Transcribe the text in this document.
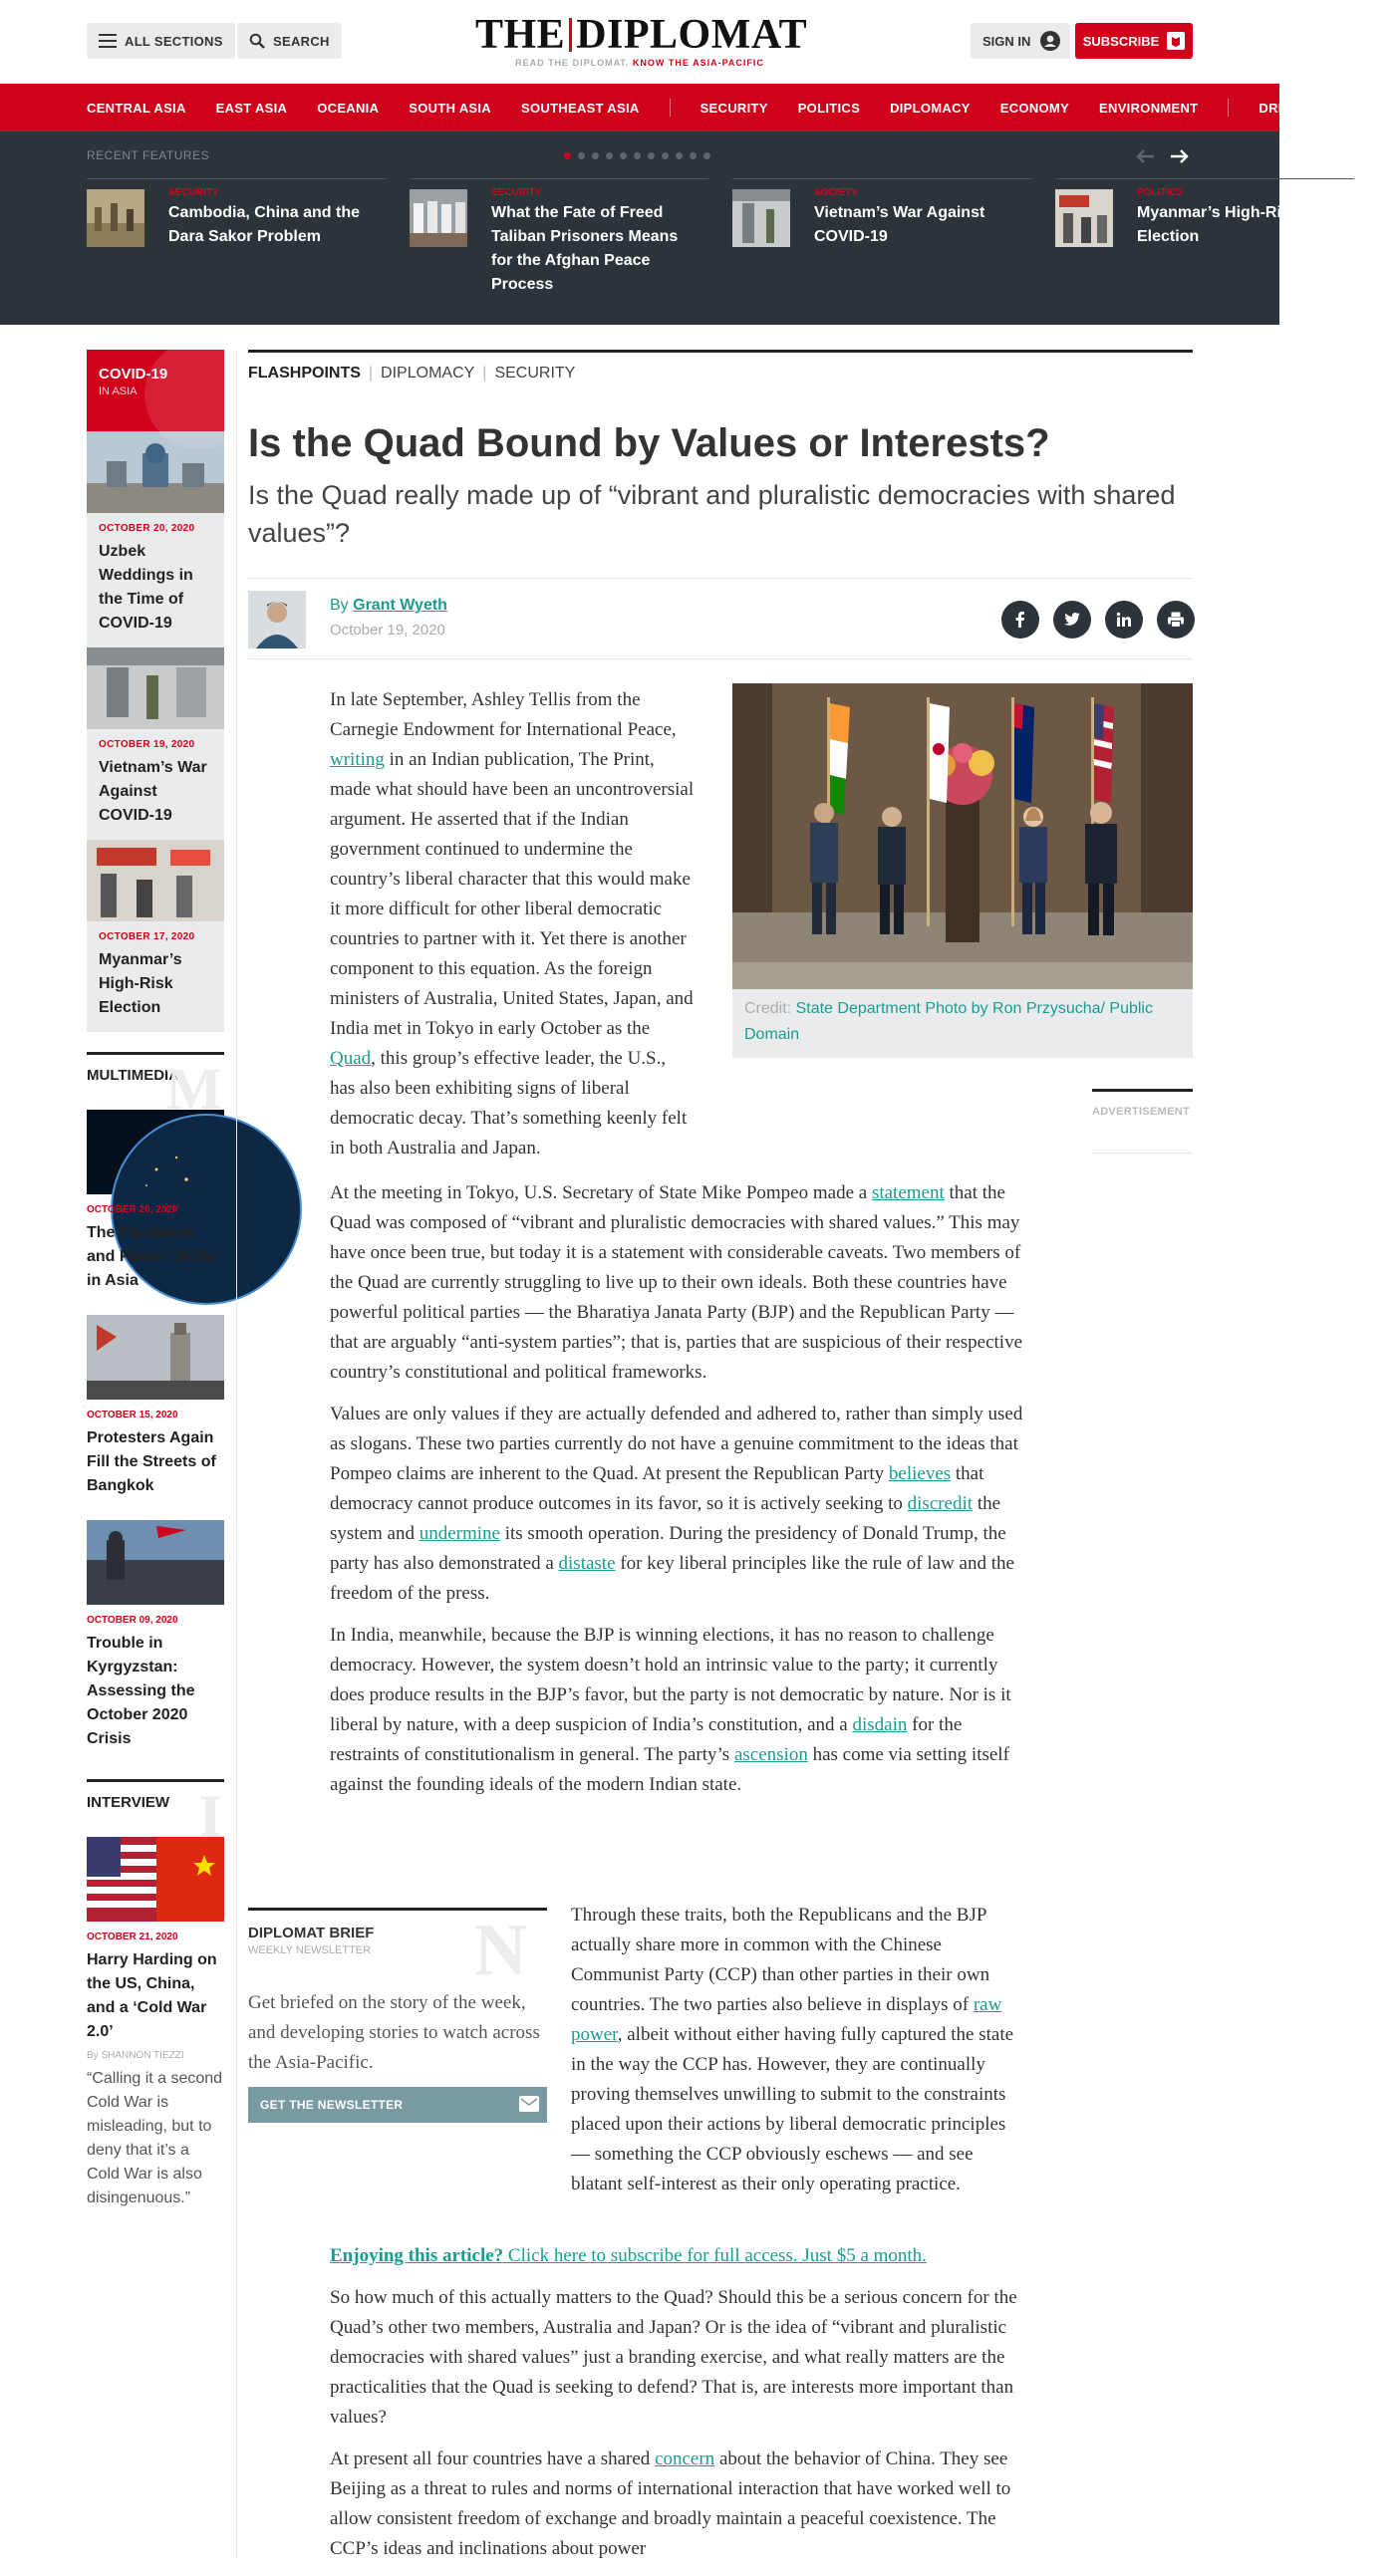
ALL SECTIONS	SEARCH	THE DIPLOMAT
READ THE DIPLOMAT. KNOW THE ASIA-PACIFIC
SIGN IN	SUBSCRIBE
CENTRAL ASIA EAST ASIA OCEANIA SOUTH ASIA SOUTHEAST ASIA	SECURITY POLITICS DIPLOMACY ECONOMY ENVIRONMENT	DRI	ALL
RECENT FEATURES
SECURITY
Cambodia, China and the Dara Sakor Problem
SECURITY
What the Fate of Freed Taliban Prisoners Means for the Afghan Peace Process
SOCIETY
Vietnam’s War Against COVID-19
POLITICS
Myanmar’s High-Risk Election
COVID-19
IN ASIA
OCTOBER 20, 2020
Uzbek Weddings in the Time of COVID-19
OCTOBER 19, 2020
Vietnam’s War Against COVID-19
OCTOBER 17, 2020
Myanmar’s High-Risk Election
MULTIMEDIA
M
OCTOBER 20, 2020
The Pandemic and Power Shifts in Asia
OCTOBER 15, 2020
Protesters Again Fill the Streets of Bangkok
OCTOBER 09, 2020
Trouble in Kyrgyzstan: Assessing the October 2020 Crisis
INTERVIEW I
OCTOBER 21, 2020
Harry Harding on the US, China, and a ‘Cold War 2.0’
By SHANNON TIEZZI
“Calling it a second Cold War is misleading, but to deny that it’s a Cold War is also disingenuous.”
FLASHPOINTS | DIPLOMACY | SECURITY
Is the Quad Bound by Values or Interests?
Is the Quad really made up of “vibrant and pluralistic democracies with shared values”?
By Grant Wyeth
October 19, 2020
Credit: State Department Photo by Ron Przysucha/ Public Domain
ADVERTISEMENT
In late September, Ashley Tellis from the Carnegie Endowment for International Peace, writing in an Indian publication, The Print, made what should have been an uncontroversial argument. He asserted that if the Indian government continued to undermine the country’s liberal character that this would make it more difficult for other liberal democratic countries to partner with it. Yet there is another component to this equation. As the foreign ministers of Australia, United States, Japan, and India met in Tokyo in early October as the Quad, this group’s effective leader, the U.S., has also been exhibiting signs of liberal democratic decay. That’s something keenly felt in both Australia and Japan.

At the meeting in Tokyo, U.S. Secretary of State Mike Pompeo made a statement that the Quad was composed of “vibrant and pluralistic democracies with shared values.” This may have once been true, but today it is a statement with considerable caveats. Two members of the Quad are currently struggling to live up to their own ideals. Both these countries have powerful political parties — the Bharatiya Janata Party (BJP) and the Republican Party — that are arguably “anti-system parties”; that is, parties that are suspicious of their respective country’s constitutional and political frameworks.

Values are only values if they are actually defended and adhered to, rather than simply used as slogans. These two parties currently do not have a genuine commitment to the ideas that Pompeo claims are inherent to the Quad. At present the Republican Party believes that democracy cannot produce outcomes in its favor, so it is actively seeking to discredit the system and undermine its smooth operation. During the presidency of Donald Trump, the party has also demonstrated a distaste for key liberal principles like the rule of law and the freedom of the press.

In India, meanwhile, because the BJP is winning elections, it has no reason to challenge democracy. However, the system doesn’t hold an intrinsic value to the party; it currently does produce results in the BJP’s favor, but the party is not democratic by nature. Nor is it liberal by nature, with a deep suspicion of India’s constitution, and a disdain for the restraints of constitutionalism in general. The party’s ascension has come via setting itself against the founding ideals of the modern Indian state.

DIPLOMAT BRIEF
WEEKLY NEWSLETTER N
Get briefed on the story of the week, and developing stories to watch across the Asia-Pacific.
GET THE NEWSLETTER
Through these traits, both the Republicans and the BJP actually share more in common with the Chinese Communist Party (CCP) than other parties in their own countries. The two parties also believe in displays of raw power, albeit without either having fully captured the state in the way the CCP has. However, they are continually proving themselves unwilling to submit to the constraints placed upon their actions by liberal democratic principles — something the CCP obviously eschews — and see blatant self-interest as their only operating practice.

Enjoying this article? Click here to subscribe for full access. Just $5 a month.

So how much of this actually matters to the Quad? Should this be a serious concern for the Quad’s other two members, Australia and Japan? Or is the idea of “vibrant and pluralistic democracies with shared values” just a branding exercise, and what really matters are the practicalities that the Quad is seeking to defend? That is, are interests more important than values?

At present all four countries have a shared concern about the behavior of China. They see Beijing as a threat to rules and norms of international interaction that have worked well to allow consistent freedom of exchange and broadly maintain a peaceful coexistence. The CCP’s ideas and inclinations about power
